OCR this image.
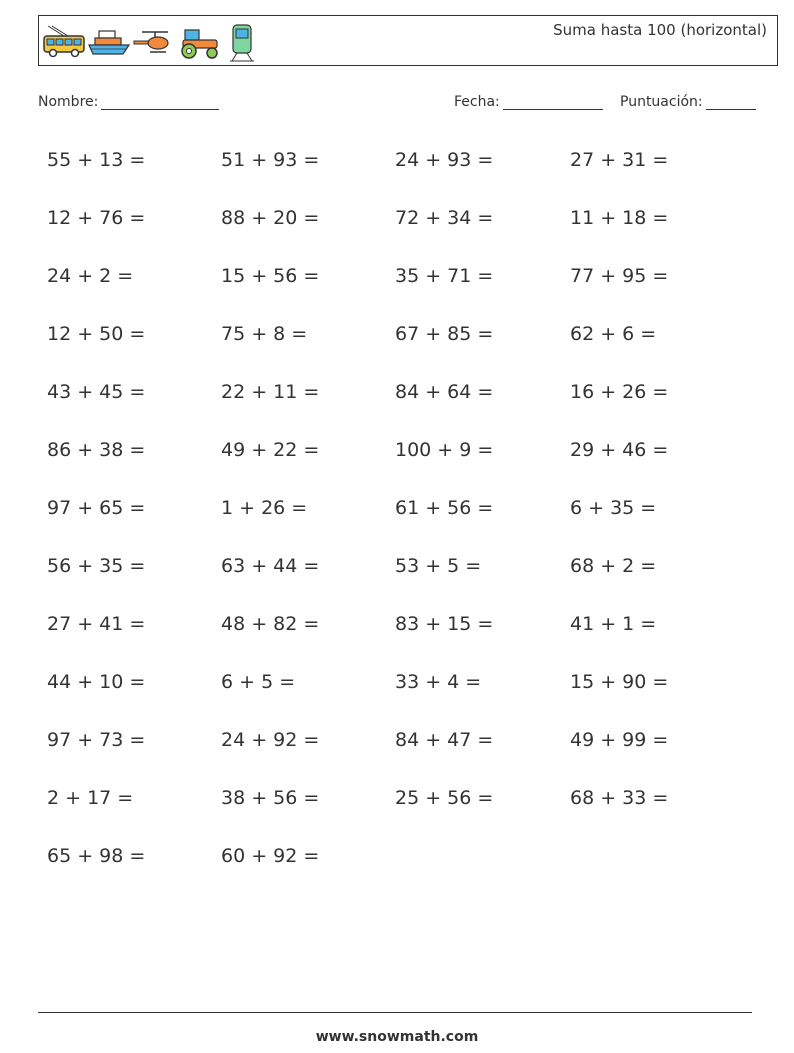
Suma hasta 100 (horizontal)
Nombre:	Fecha:	Puntuación:
55 + 13 =	51 + 93 =	24 + 93 =	27 + 31 =
12 + 76 =	88 + 20 =	72 + 34 =	11 + 18 =
24 + 2 =	15 + 56 =	35 + 71 =	77 + 95 =
12 + 50 =	75 + 8 =	67 + 85 =	62 + 6 =
43 + 45 =	22 + 11 =	84 + 64 =	16 + 26 =
86 + 38 =	49 + 22 =	100 + 9 =	29 + 46 =
97 + 65 =	1 + 26 =	61 + 56 =	6 + 35 =
56 + 35 =	63 + 44 =	53 + 5 =	68 + 2 =
27 + 41 =	48 + 82 =	83 + 15 =	41 + 1 =
44 + 10 =	6 + 5 =	33 + 4 =	15 + 90 =
97 + 73 =	24 + 92 =	84 + 47 =	49 + 99 =
2 + 17 =	38 + 56 =	25 + 56 =	68 + 33 =
65 + 98 =	60 + 92 =
www.snowmath.com
